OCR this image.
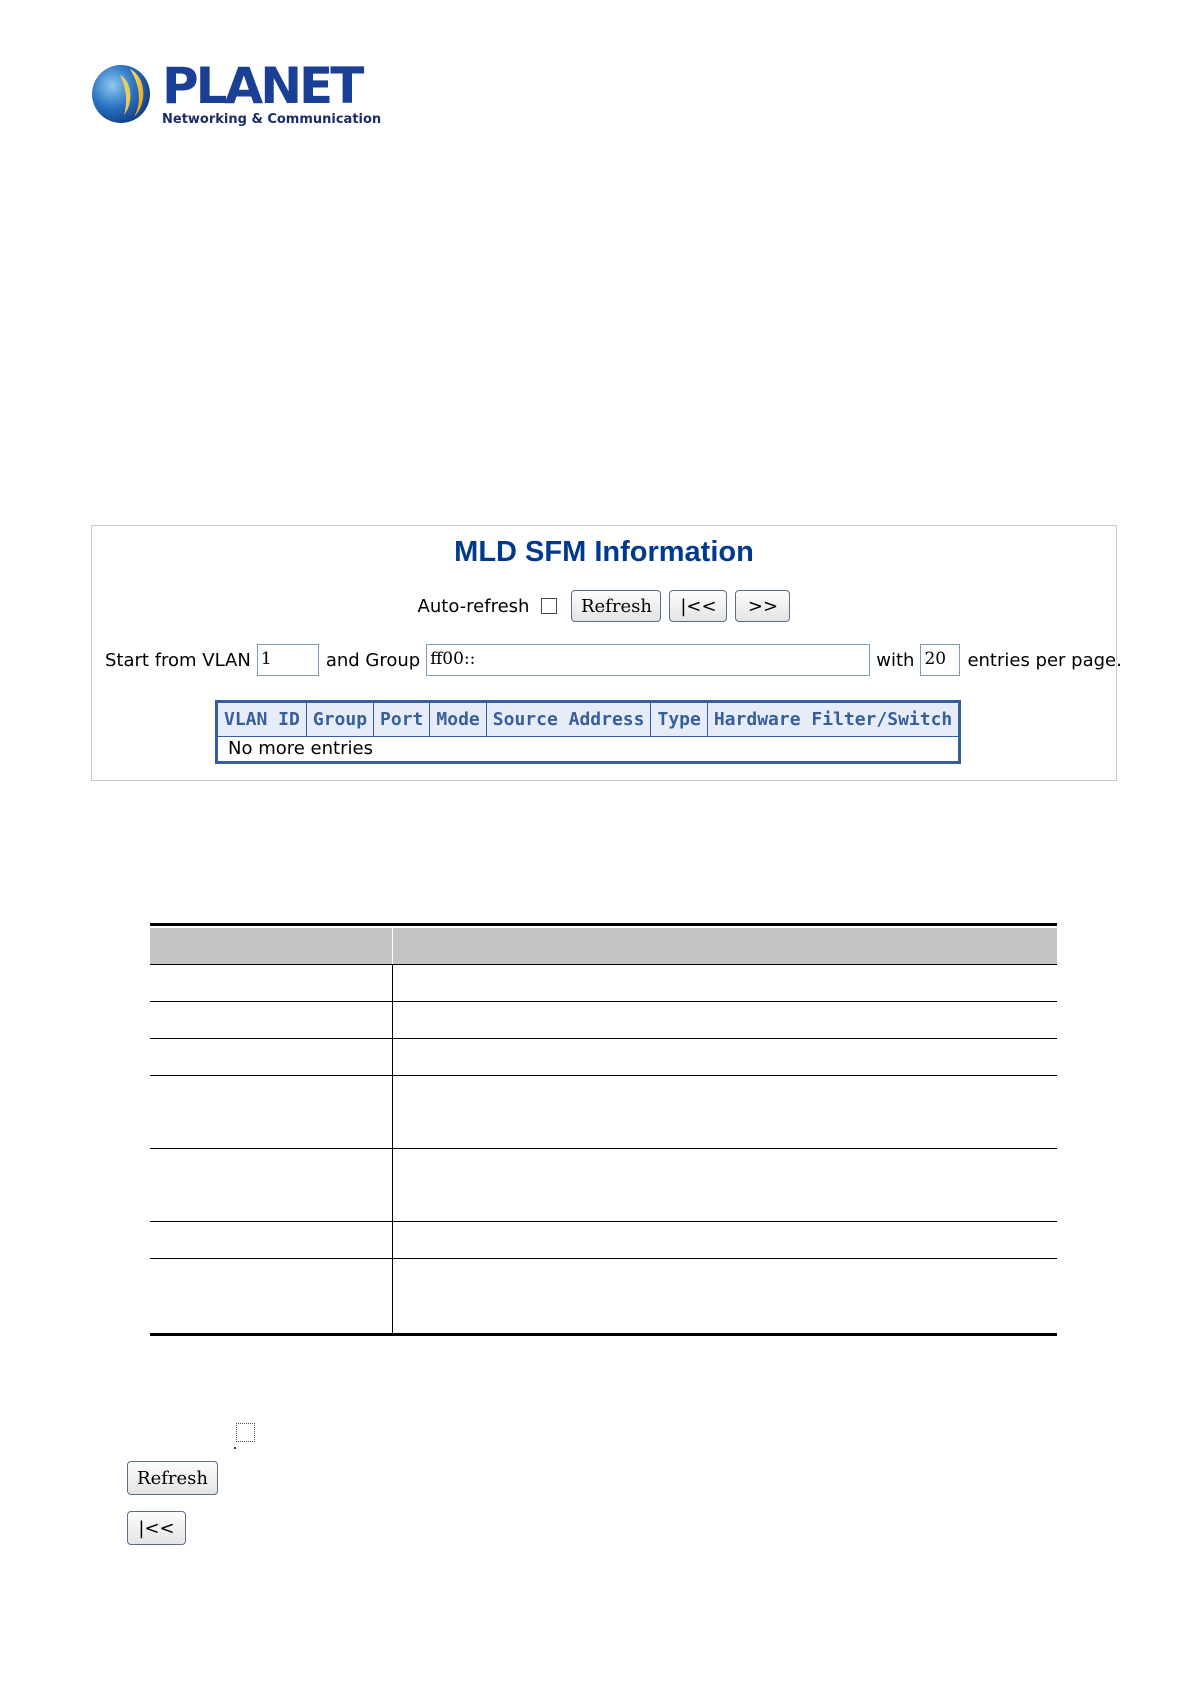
PLANET
Networking & Communication
MLD SFM Information
Auto-refresh	Refresh	|<<	>>
Start from VLAN 1	and Group ff00::	with 20	entries per page.
VLAN ID	Group	Port	Mode	Source Address	Type	Hardware Filter/Switch
No more entries

Refresh
|<<
